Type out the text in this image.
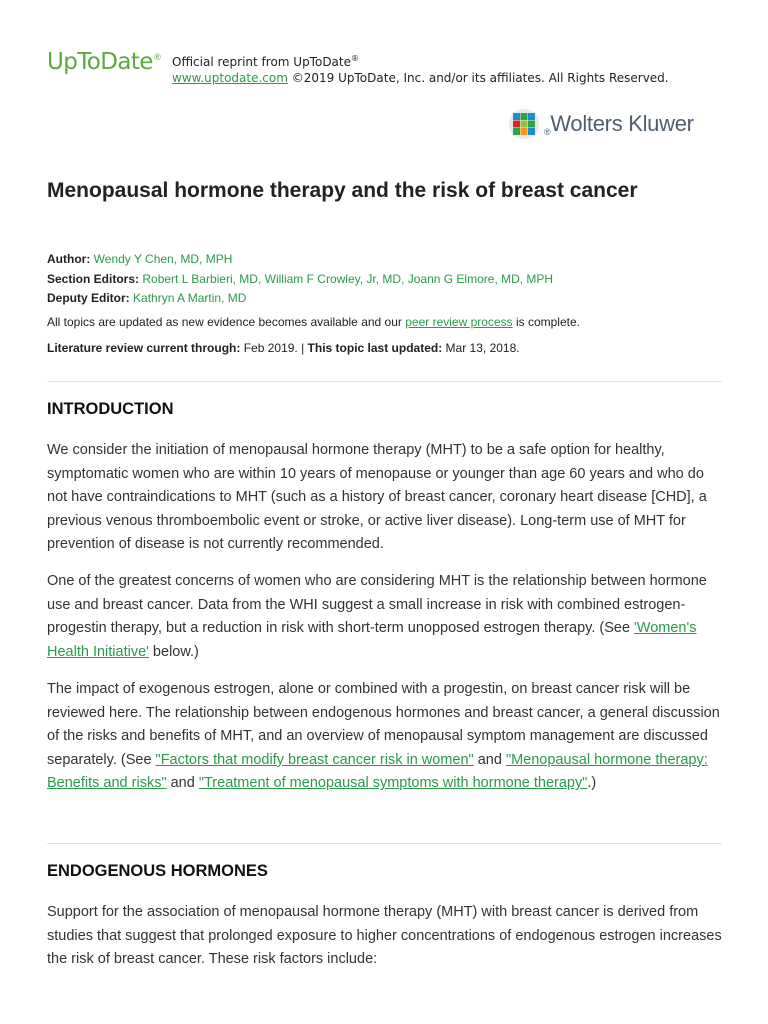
UpToDate® Official reprint from UpToDate®
www.uptodate.com ©2019 UpToDate, Inc. and/or its affiliates. All Rights Reserved.
®Wolters Kluwer
Menopausal hormone therapy and the risk of breast cancer
Author: Wendy Y Chen, MD, MPH
Section Editors: Robert L Barbieri, MD, William F Crowley, Jr, MD, Joann G Elmore, MD, MPH
Deputy Editor: Kathryn A Martin, MD
All topics are updated as new evidence becomes available and our peer review process is complete.
Literature review current through: Feb 2019. | This topic last updated: Mar 13, 2018.
INTRODUCTION

We consider the initiation of menopausal hormone therapy (MHT) to be a safe option for healthy, symptomatic women who are within 10 years of menopause or younger than age 60 years and who do not have contraindications to MHT (such as a history of breast cancer, coronary heart disease [CHD], a previous venous thromboembolic event or stroke, or active liver disease). Long-term use of MHT for prevention of disease is not currently recommended.

One of the greatest concerns of women who are considering MHT is the relationship between hormone use and breast cancer. Data from the WHI suggest a small increase in risk with combined estrogen-progestin therapy, but a reduction in risk with short-term unopposed estrogen therapy. (See 'Women's Health Initiative' below.)

The impact of exogenous estrogen, alone or combined with a progestin, on breast cancer risk will be reviewed here. The relationship between endogenous hormones and breast cancer, a general discussion of the risks and benefits of MHT, and an overview of menopausal symptom management are discussed separately. (See "Factors that modify breast cancer risk in women" and "Menopausal hormone therapy: Benefits and risks" and "Treatment of menopausal symptoms with hormone therapy".)

ENDOGENOUS HORMONES

Support for the association of menopausal hormone therapy (MHT) with breast cancer is derived from studies that suggest that prolonged exposure to higher concentrations of endogenous estrogen increases the risk of breast cancer. These risk factors include:
